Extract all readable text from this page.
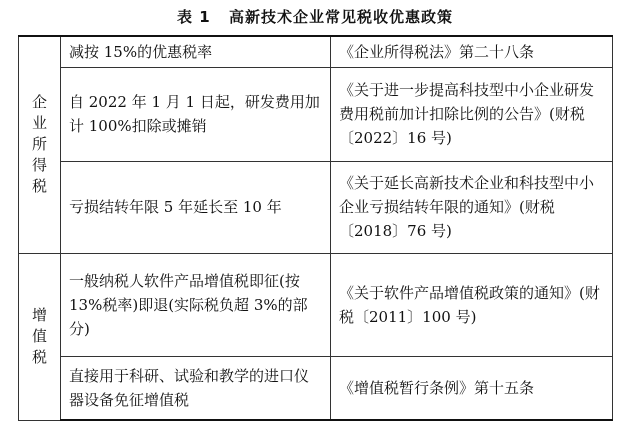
表 1 高新技术企业常见税收优惠政策
企业所得税	减按 15%的优惠税率	《企业所得税法》第二十八条
	自 2022 年 1 月 1 日起，研发费用加计 100%扣除或摊销	《关于进一步提高科技型中小企业研发费用税前加计扣除比例的公告》(财税〔2022〕16 号)
	亏损结转年限 5 年延长至 10 年	《关于延长高新技术企业和科技型中小企业亏损结转年限的通知》(财税〔2018〕76 号)
增值税	一般纳税人软件产品增值税即征(按 13%税率)即退(实际税负超 3%的部分)	《关于软件产品增值税政策的通知》(财税〔2011〕100 号)
	直接用于科研、试验和教学的进口仪器设备免征增值税	《增值税暂行条例》第十五条
